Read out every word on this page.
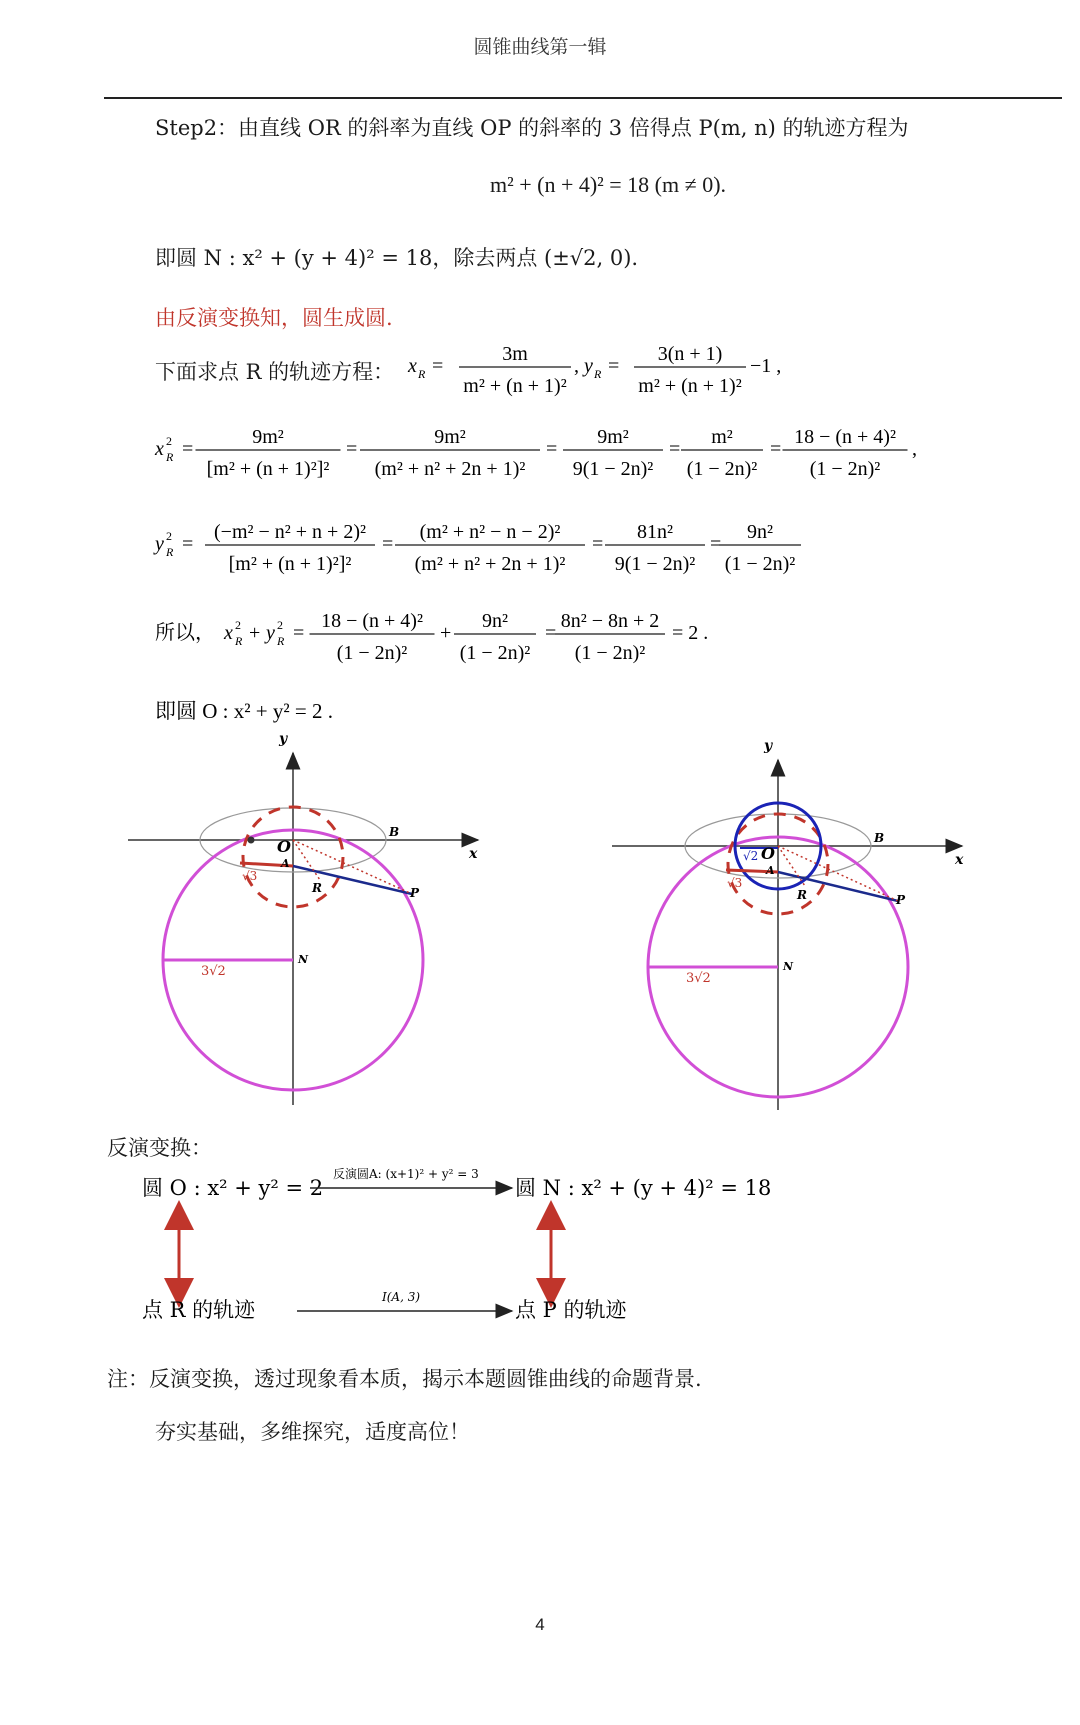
圆锥曲线第一辑
Step2：由直线 OR 的斜率为直线 OP 的斜率的 3 倍得点 P(m, n) 的轨迹方程为
m² + (n + 4)² = 18 (m ≠ 0).
即圆 N : x² + (y + 4)² = 18，除去两点 (±√2, 0).
由反演变换知，圆生成圆.
下面求点 R 的轨迹方程： x R =
3m
m² + (n + 1)²
, y R =
3(n + 1)
m² + (n + 1)²
−1 ,
x 2
R =
9m²
[m² + (n + 1)²]²
=
9m²
(m² + n² + 2n + 1)²
=
9m²
9(1 − 2n)²
=
m²
(1 − 2n)²
=
18 − (n + 4)²
(1 − 2n)²
,
y 2
R =
(−m² − n² + n + 2)²
[m² + (n + 1)²]²
=
(m² + n² − n − 2)²
(m² + n² + 2n + 1)²
=
81n²
9(1 − 2n)²
=
9n²
(1 − 2n)²
所以， x 2
R + y 2
R =
18 − (n + 4)²
(1 − 2n)²
+
9n²
(1 − 2n)²
=
8n² − 8n + 2
(1 − 2n)²
= 2 .
即圆 O : x² + y² = 2 .
y
x
O
A
B
P
R
N
√3
3√2
y
x
O
A
B
P
R
N
√2
√3
3√2
圆 O : x² + y² = 2
反演圆A: (x+1)² + y² = 3
圆 N : x² + (y + 4)² = 18
点 R 的轨迹
I(A, 3)
点 P 的轨迹
反演变换：
注：反演变换，透过现象看本质，揭示本题圆锥曲线的命题背景.
夯实基础，多维探究，适度高位！
4
